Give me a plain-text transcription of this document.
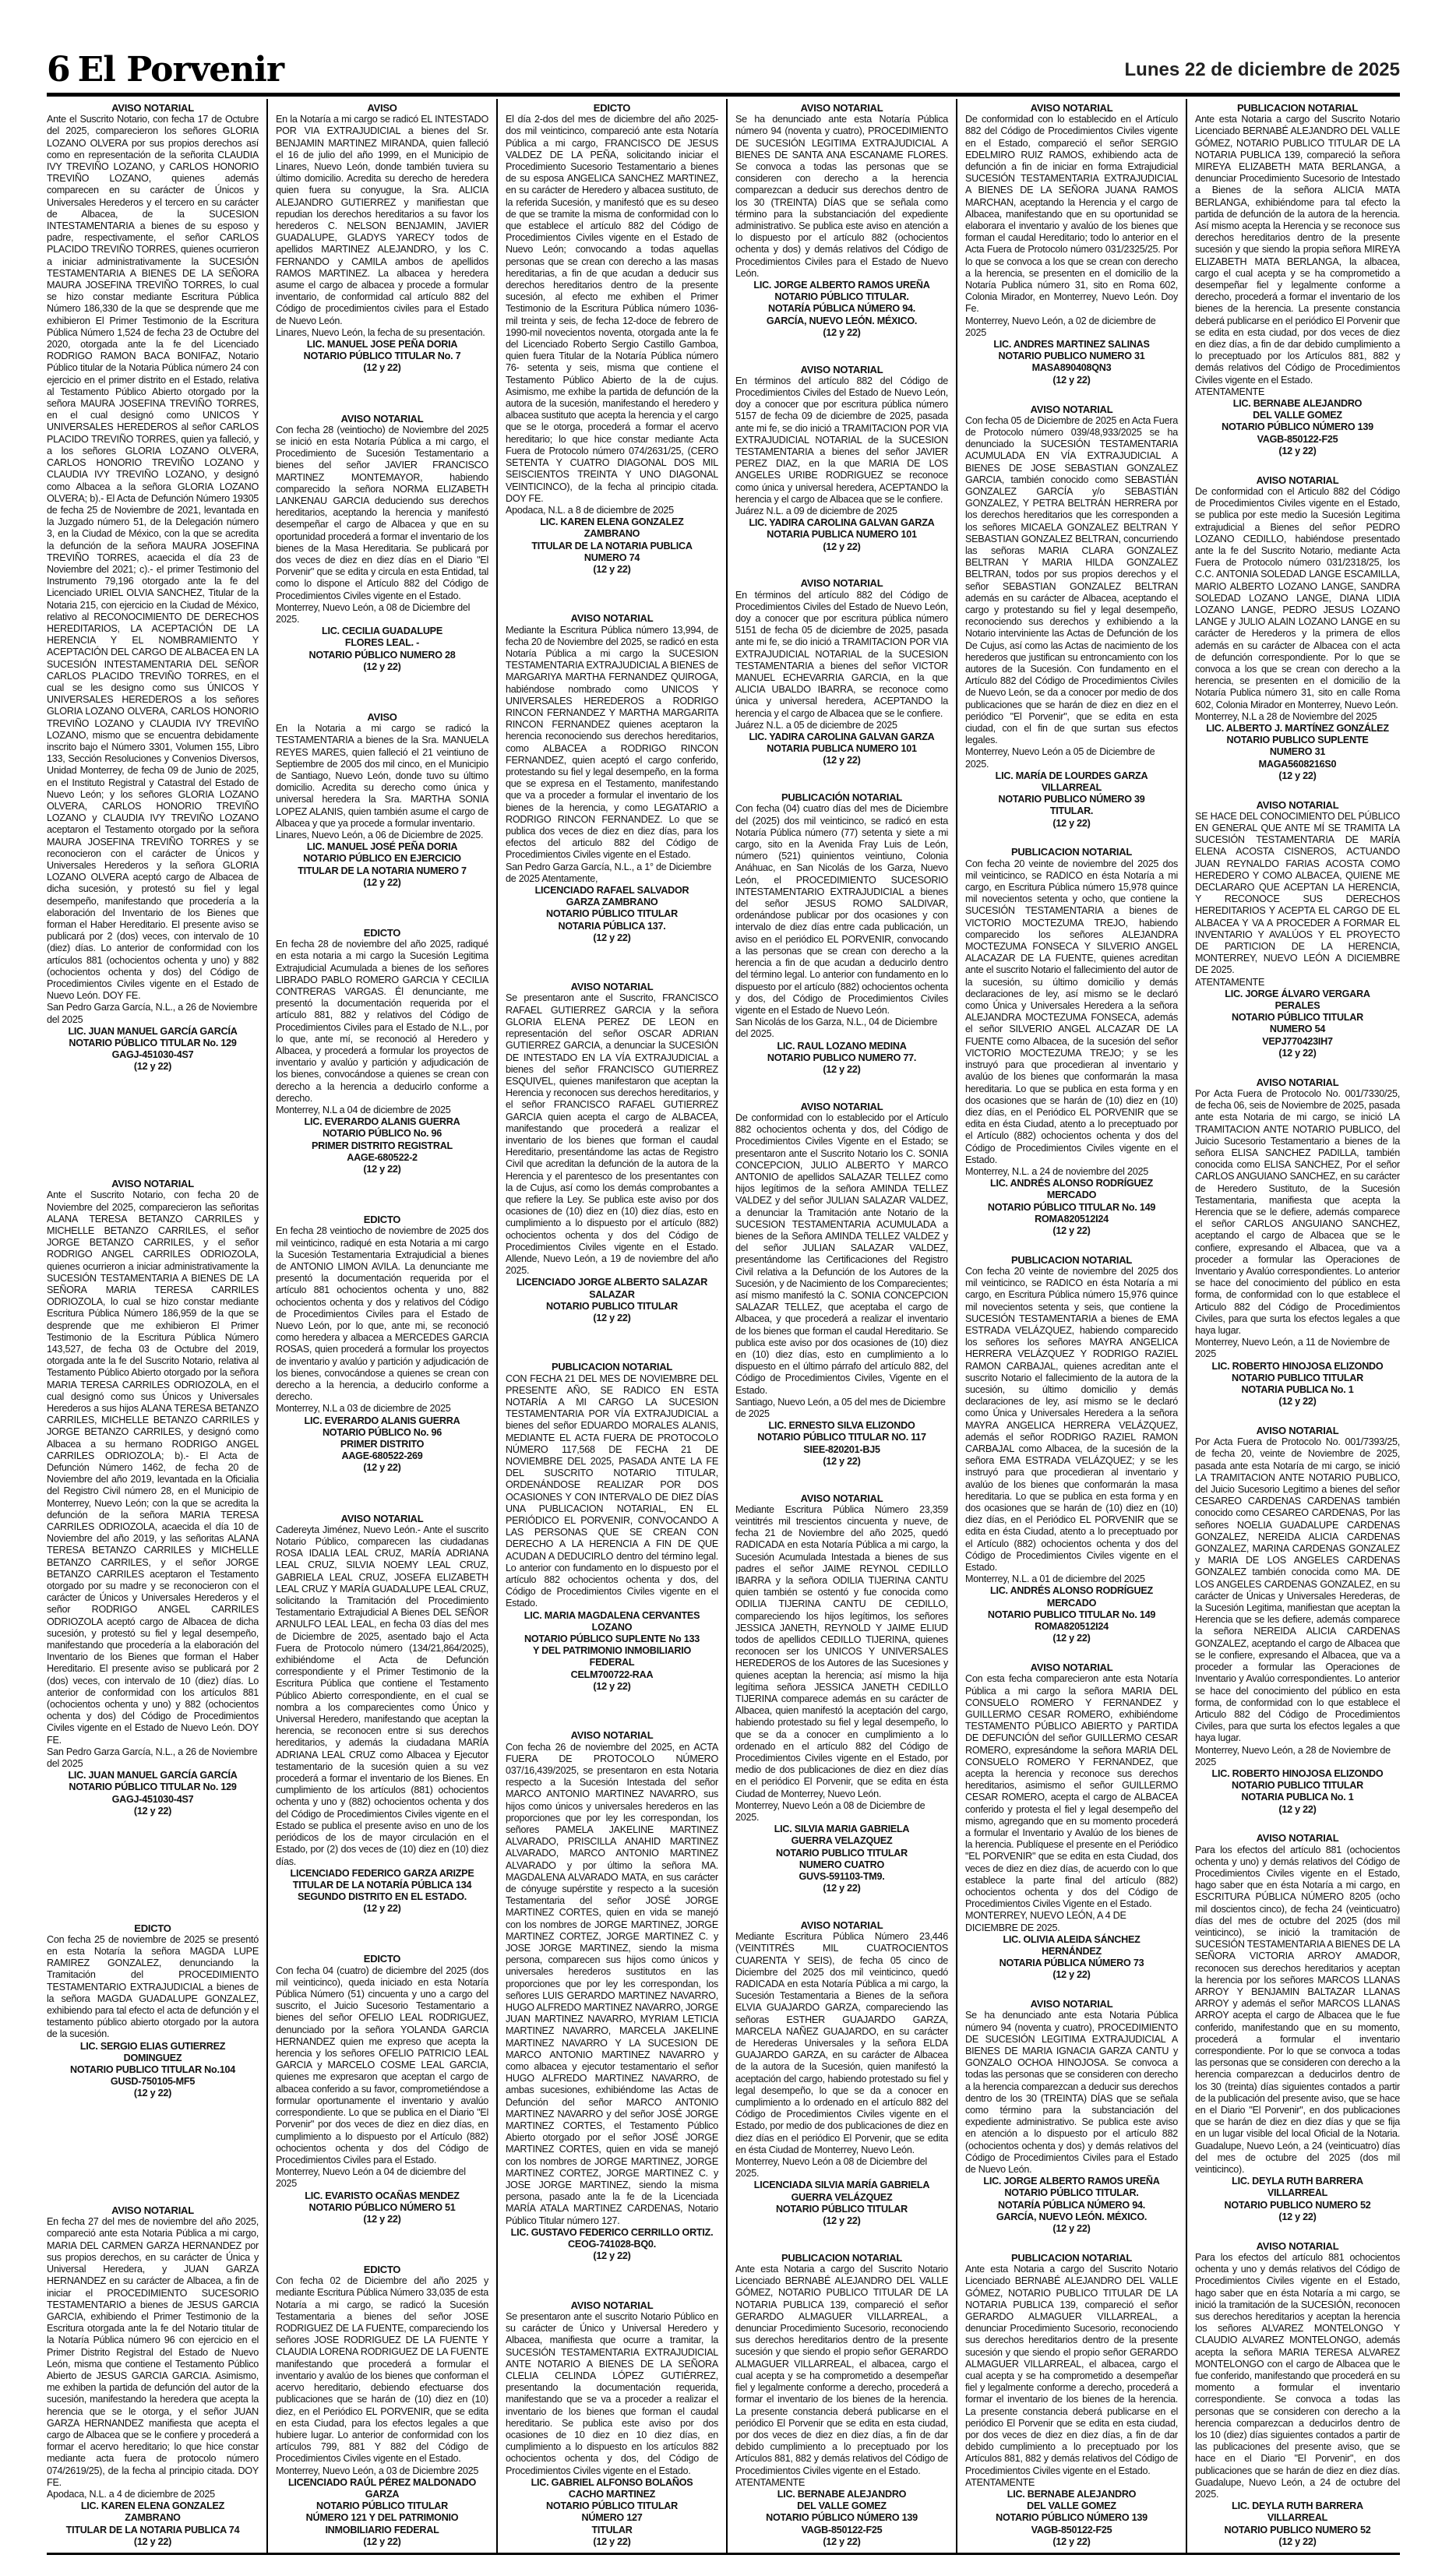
6 El Porvenir	Lunes 22 de diciembre de 2025
AVISO NOTARIAL

Ante el Suscrito Notario, con fecha 17 de Octubre del 2025, comparecieron los señores GLORIA LOZANO OLVERA por sus propios derechos así como en representación de la señorita CLAUDIA IVY TREVIÑO LOZANO, y CARLOS HONORIO TREVIÑO LOZANO, quienes además comparecen en su carácter de Únicos y Universales Herederos y el tercero en su carácter de Albacea, de la SUCESION INTESTAMENTARIA a bienes de su esposo y padre, respectivamente, el señor CARLOS PLACIDO TREVIÑO TORRES, quienes ocurrieron a iniciar administrativamente la SUCESIÓN TESTAMENTARIA A BIENES DE LA SEÑORA MAURA JOSEFINA TREVIÑO TORRES, lo cual se hizo constar mediante Escritura Pública Número 186,330 de la que se desprende que me exhibieron El Primer Testimonio de la Escritura Pública Número 1,524 de fecha 23 de Octubre del 2020, otorgada ante la fe del Licenciado RODRIGO RAMON BACA BONIFAZ, Notario Público titular de la Notaria Pública número 24 con ejercicio en el primer distrito en el Estado, relativa al Testamento Público Abierto otorgado por la señora MAURA JOSEFINA TREVIÑO TORRES, en el cual designó como UNICOS Y UNIVERSALES HEREDEROS al señor CARLOS PLACIDO TREVIÑO TORRES, quien ya falleció, y a los señores GLORIA LOZANO OLVERA, CARLOS HONORIO TREVIÑO LOZANO y CLAUDIA IVY TREVIÑO LOZANO, y designó como Albacea a la señora GLORIA LOZANO OLVERA; b).- El Acta de Defunción Número 19305 de fecha 25 de Noviembre de 2021, levantada en la Juzgado número 51, de la Delegación número 3, en la Ciudad de México, con la que se acredita la defunción de la señora MAURA JOSEFINA TREVIÑO TORRES, acaecida el día 23 de Noviembre del 2021; c).- el primer Testimonio del Instrumento 79,196 otorgado ante la fe del Licenciado URIEL OLVIA SANCHEZ, Titular de la Notaria 215, con ejercicio en la Ciudad de México, relativo al RECONOCIMIENTO DE DERECHOS HEREDITARIOS, LA ACEPTACIÓN DE LA HERENCIA Y EL NOMBRAMIENTO Y ACEPTACIÓN DEL CARGO DE ALBACEA EN LA SUCESIÓN INTESTAMENTARIA DEL SEÑOR CARLOS PLACIDO TREVIÑO TORRES, en el cual se les designo como sus ÚNICOS Y UNIVERSALES HEREDEROS a los señores GLORIA LOZANO OLVERA, CARLOS HONORIO TREVIÑO LOZANO y CLAUDIA IVY TREVIÑO LOZANO, mismo que se encuentra debidamente inscrito bajo el Número 3301, Volumen 155, Libro 133, Sección Resoluciones y Convenios Diversos, Unidad Monterrey, de fecha 09 de Junio de 2025, en el Instituto Registral y Catastral del Estado de Nuevo León; y los señores GLORIA LOZANO OLVERA, CARLOS HONORIO TREVIÑO LOZANO y CLAUDIA IVY TREVIÑO LOZANO aceptaron el Testamento otorgado por la señora MAURA JOSEFINA TREVIÑO TORRES y se reconocieron con el carácter de Únicos y Universales Herederos y la señora GLORIA LOZANO OLVERA aceptó cargo de Albacea de dicha sucesión, y protestó su fiel y legal desempeño, manifestando que procedería a la elaboración del Inventario de los Bienes que forman el Haber Hereditario. El presente aviso se publicará por 2 (dos) veces, con intervalo de 10 (diez) días. Lo anterior de conformidad con los artículos 881 (ochocientos ochenta y uno) y 882 (ochocientos ochenta y dos) del Código de Procedimientos Civiles vigente en el Estado de Nuevo León. DOY FE.

San Pedro Garza García, N.L., a 26 de Noviembre del 2025

LIC. JUAN MANUEL GARCÍA GARCÍA
NOTARIO PÚBLICO TITULAR No. 129
GAGJ-451030-4S7
(12 y 22)
AVISO NOTARIAL

Ante el Suscrito Notario, con fecha 20 de Noviembre del 2025, comparecieron las señoritas ALANA TERESA BETANZO CARRILES y MICHELLE BETANZO CARRILES, el señor JORGE BETANZO CARRILES, y el señor RODRIGO ANGEL CARRILES ODRIOZOLA, quienes ocurrieron a iniciar administrativamente la SUCESIÓN TESTAMENTARIA A BIENES DE LA SEÑORA MARIA TERESA CARRILES ODRIOZOLA, lo cual se hizo constar mediante Escritura Pública Número 186,959 de la que se desprende que me exhibieron El Primer Testimonio de la Escritura Pública Número 143,527, de fecha 03 de Octubre del 2019, otorgada ante la fe del Suscrito Notario, relativa al Testamento Público Abierto otorgado por la señora MARIA TERESA CARRILES ODRIOZOLA, en el cual designó como sus Únicos y Universales Herederos a sus hijos ALANA TERESA BETANZO CARRILES, MICHELLE BETANZO CARRILES y JORGE BETANZO CARRILES, y designó como Albacea a su hermano RODRIGO ANGEL CARRILES ODRIOZOLA; b).- El Acta de Defunción Número 1462, de fecha 20 de Noviembre del año 2019, levantada en la Oficialia del Registro Civil número 28, en el Municipio de Monterrey, Nuevo León; con la que se acredita la defunción de la señora MARIA TERESA CARRILES ODRIOZOLA, acaecida el día 10 de Noviembre del año 2019, y las señoritas ALANA TERESA BETANZO CARRILES y MICHELLE BETANZO CARRILES, y el señor JORGE BETANZO CARRILES aceptaron el Testamento otorgado por su madre y se reconocieron con el carácter de Únicos y Universales Herederos y el señor RODRIGO ANGEL CARRILES ODRIOZOLA aceptó cargo de Albacea de dicha sucesión, y protestó su fiel y legal desempeño, manifestando que procedería a la elaboración del Inventario de los Bienes que forman el Haber Hereditario. El presente aviso se publicará por 2 (dos) veces, con intervalo de 10 (diez) días. Lo anterior de conformidad con los artículos 881 (ochocientos ochenta y uno) y 882 (ochocientos ochenta y dos) del Código de Procedimientos Civiles vigente en el Estado de Nuevo León. DOY FE.

San Pedro Garza García, N.L., a 26 de Noviembre del 2025

LIC. JUAN MANUEL GARCÍA GARCÍA
NOTARIO PÚBLICO TITULAR No. 129
GAGJ-451030-4S7
(12 y 22)
EDICTO

Con fecha 25 de noviembre de 2025 se presentó en esta Notaría la señora MAGDA LUPE RAMIREZ GONZALEZ, denunciando la Tramitación del PROCEDIMIENTO TESTAMENTARIO EXTRAJUDICIAL a bienes de la señora MAGDA GUADALUPE GONZALEZ, exhibiendo para tal efecto el acta de defunción y el testamento público abierto otorgado por la autora de la sucesión.

LIC. SERGIO ELIAS GUTIERREZ
DOMINGUEZ
NOTARIO PUBLICO TITULAR No.104
GUSD-750105-MF5
(12 y 22)
AVISO NOTARIAL

En fecha 27 del mes de noviembre del año 2025, compareció ante esta Notaria Pública a mi cargo, MARIA DEL CARMEN GARZA HERNANDEZ por sus propios derechos, en su carácter de Única y Universal Heredera, y JUAN GARZA HERNANDEZ en su carácter de Albacea, a fin de iniciar el PROCEDIMIENTO SUCESORIO TESTAMENTARIO a bienes de JESUS GARCIA GARCIA, exhibiendo el Primer Testimonio de la Escritura otorgada ante la fe del Notario titular de la Notaría Pública número 96 con ejercicio en el Primer Distrito Registral del Estado de Nuevo León, misma que contiene el Testamento Público Abierto de JESUS GARCIA GARCIA. Asimismo, me exhiben la partida de defunción del autor de la sucesión, manifestando la heredera que acepta la herencia que se le otorga, y el señor JUAN GARZA HERNANDEZ manifiesta que acepta el cargo de Albacea que se le confiere y procederá a formar el acervo hereditario; lo que hice constar mediante acta fuera de protocolo número 074/2619/25), de la fecha al principio citada. DOY FE.

Apodaca, N.L. a 4 de diciembre de 2025

LIC. KAREN ELENA GONZALEZ
ZAMBRANO
TITULAR DE LA NOTARIA PUBLICA 74
(12 y 22)
AVISO

En la Notaría a mi cargo se radicó EL INTESTADO POR VIA EXTRAJUDICIAL a bienes del Sr. BENJAMIN MARTINEZ MIRANDA, quien falleció el 16 de julio del año 1999, en el Municipio de Linares, Nuevo León, donde también tuviera su último domicilio. Acredita su derecho de heredera quien fuera su conyugue, la Sra. ALICIA ALEJANDRO GUTIERREZ y manifiestan que repudian los derechos hereditarios a su favor los herederos C. NELSON BENJAMIN, JAVIER GUADALUPE, GLADYS YARECY todos de apellidos MARTINEZ ALEJANDRO, y los C. FERNANDO y CAMILA ambos de apellidos RAMOS MARTINEZ. La albacea y heredera asume el cargo de albacea y procede a formular inventario, de conformidad cal artículo 882 del Código de procedimientos civiles para el Estado de Nuevo León.

Linares, Nuevo León, la fecha de su presentación.

LIC. MANUEL JOSE PEÑA DORIA
NOTARIO PÚBLICO TITULAR No. 7
(12 y 22)
AVISO NOTARIAL

Con fecha 28 (veintiocho) de Noviembre del 2025 se inició en esta Notaría Pública a mi cargo, el Procedimiento de Sucesión Testamentario a bienes del señor JAVIER FRANCISCO MARTINEZ MONTEMAYOR, habiendo comparecido la señora NORMA ELIZABETH LANKENAU GARCIA deduciendo sus derechos hereditarios, aceptando la herencia y manifestó desempeñar el cargo de Albacea y que en su oportunidad procederá a formar el inventario de los bienes de la Masa Hereditaria. Se publicará por dos veces de diez en diez días en el Diario "El Porvenir" que se edita y circula en esta Entidad, tal como lo dispone el Artículo 882 del Código de Procedimientos Civiles vigente en el Estado.

Monterrey, Nuevo León, a 08 de Diciembre del 2025.

LIC. CECILIA GUADALUPE
FLORES LEAL. -
NOTARIO PÚBLICO NUMERO 28
(12 y 22)
AVISO

En la Notaria a mi cargo se radicó la TESTAMENTARIA a bienes de la Sra. MANUELA REYES MARES, quien falleció el 21 veintiuno de Septiembre de 2005 dos mil cinco, en el Municipio de Santiago, Nuevo León, donde tuvo su último domicilio. Acredita su derecho como única y universal heredera la Sra. MARTHA SONIA LOPEZ ALANIS, quien también asume el cargo de Albacea y que ya procede a formular inventario.

Linares, Nuevo León, a 06 de Diciembre de 2025.

LIC. MANUEL JOSÉ PEÑA DORIA
NOTARIO PÚBLICO EN EJERCICIO
TITULAR DE LA NOTARIA NUMERO 7
(12 y 22)
EDICTO

En fecha 28 de noviembre del año 2025, radiqué en esta notaria a mi cargo la Sucesión Legitima Extrajudicial Acumulada a bienes de los señores LIBRADO PABLO ROMERO GARCIA Y CECILIA CONTRERAS VARGAS. Él denunciante, me presentó la documentación requerida por el artículo 881, 882 y relativos del Código de Procedimientos Civiles para el Estado de N.L., por lo que, ante mí, se reconoció al Heredero y Albacea, y procederá a formular los proyectos de inventario y avalúo y partición y adjudicación de los bienes, convocándose a quienes se crean con derecho a la herencia a deducirlo conforme a derecho.

Monterrey, N.L a 04 de diciembre de 2025

LIC. EVERARDO ALANIS GUERRA
NOTARIO PÚBLICO No. 96
PRIMER DISTRITO REGISTRAL
AAGE-680522-2
(12 y 22)
EDICTO

En fecha 28 veintiocho de noviembre de 2025 dos mil veinticinco, radiqué en esta Notaria a mi cargo la Sucesión Testamentaria Extrajudicial a bienes de ANTONIO LIMON AVILA. La denunciante me presentó la documentación requerida por el artículo 881 ochocientos ochenta y uno, 882 ochocientos ochenta y dos y relativos del Código de Procedimientos Civiles para el Estado de Nuevo León, por lo que, ante mi, se reconoció como heredera y albacea a MERCEDES GARCIA ROSAS, quien procederá a formular los proyectos de inventario y avalúo y partición y adjudicación de los bienes, convocándose a quienes se crean con derecho a la herencia, a deducirlo conforme a derecho.

Monterrey, N.L a 03 de diciembre de 2025

LIC. EVERARDO ALANIS GUERRA
NOTARIO PÚBLICO No. 96
PRIMER DISTRITO
AAGE-680522-269
(12 y 22)
AVISO NOTARIAL

Cadereyta Jiménez, Nuevo León.- Ante el suscrito Notario Público, comparecen las ciudadanas ROSA IDALIA LEAL CRUZ, MARÍA ADRIANA LEAL CRUZ, SILVIA NOEMY LEAL CRUZ, GABRIELA LEAL CRUZ, JOSEFA ELIZABETH LEAL CRUZ Y MARÍA GUADALUPE LEAL CRUZ, solicitando la Tramitación del Procedimiento Testamentario Extrajudicial A Bienes DEL SEÑOR ARNULFO LEAL LEAL, en fecha 03 días del mes de Diciembre de 2025, asentado bajo el Acta Fuera de Protocolo número (134/21,864/2025), exhibiéndome el Acta de Defunción correspondiente y el Primer Testimonio de la Escritura Pública que contiene el Testamento Público Abierto correspondiente, en el cual se nombra a los comparecientes como Único y Universal Heredero, manifestando que aceptan la herencia, se reconocen entre si sus derechos hereditarios, y además la ciudadana MARÍA ADRIANA LEAL CRUZ como Albacea y Ejecutor testamentario de la sucesión quien a su vez procederá a formar el inventario de los Bienes. En cumplimiento de los artículos (881) ochocientos ochenta y uno y (882) ochocientos ochenta y dos del Código de Procedimientos Civiles vigente en el Estado se publica el presente aviso en uno de los periódicos de los de mayor circulación en el Estado, por (2) dos veces de (10) diez en (10) diez días.

LICENCIADO FEDERICO GARZA ARIZPE
TITULAR DE LA NOTARÍA PÚBLICA 134
SEGUNDO DISTRITO EN EL ESTADO.
(12 y 22)
EDICTO

Con fecha 04 (cuatro) de diciembre del 2025 (dos mil veinticinco), queda iniciado en esta Notaría Pública Número (51) cincuenta y uno a cargo del suscrito, el Juicio Sucesorio Testamentario a bienes del señor OFELIO LEAL RODRIGUEZ, denunciado por la señora YOLANDA GARCIA HERNANDEZ quien me expreso que acepta la herencia y los señores OFELIO PATRICIO LEAL GARCIA y MARCELO COSME LEAL GARCIA, quienes me expresaron que aceptan el cargo de albacea conferido a su favor, comprometiéndose a formular oportunamente el inventario y avalúo correspondiente. Lo que se publica en el Diario "El Porvenir" por dos veces de diez en diez días, en cumplimiento a lo dispuesto por el Artículo (882) ochocientos ochenta y dos del Código de Procedimientos Civiles para el Estado.

Monterrey, Nuevo León a 04 de diciembre del 2025

LIC. EVARISTO OCAÑAS MENDEZ
NOTARIO PÚBLICO NÚMERO 51
(12 y 22)
EDICTO

Con fecha 02 de Diciembre del año 2025 y mediante Escritura Pública Número 33,035 de esta Notaría a mi cargo, se radicó la Sucesión Testamentaria a bienes del señor JOSE RODRIGUEZ DE LA FUENTE, compareciendo los señores JOSE RODRIGUEZ DE LA FUENTE Y CLAUDIA LORENA RODRIGUEZ DE LA FUENTE manifestando que procederá a formular el inventario y avalúo de los bienes que conforman el acervo hereditario, debiendo efectuarse dos publicaciones que se harán de (10) diez en (10) diez, en el Periódico EL PORVENIR, que se edita en esta Ciudad, para los efectos legales a que hubiere lugar. Lo anterior de conformidad con los artículos 799, 881 Y 882 del Código de Procedimientos Civiles vigente en el Estado.

Monterrey, Nuevo León, a 03 de Diciembre 2025

LICENCIADO RAÚL PÉREZ MALDONADO
GARZA
NOTARIO PÚBLICO TITULAR
NÚMERO 121 Y DEL PATRIMONIO
INMOBILIARIO FEDERAL
(12 y 22)
EDICTO

El día 2-dos del mes de diciembre del año 2025-dos mil veinticinco, compareció ante esta Notaría Pública a mi cargo, FRANCISCO DE JESUS VALDEZ DE LA PEÑA, solicitando iniciar el Procedimiento Sucesorio Testamentario a bienes de su esposa ANGELICA SANCHEZ MARTINEZ, en su carácter de Heredero y albacea sustituto, de la referida Sucesión, y manifestó que es su deseo de que se tramite la misma de conformidad con lo que establece el artículo 882 del Código de Procedimientos Civiles vigente en el Estado de Nuevo León; convocando a todas aquellas personas que se crean con derecho a las masas hereditarias, a fin de que acudan a deducir sus derechos hereditarios dentro de la presente sucesión, al efecto me exhiben el Primer Testimonio de la Escritura Pública número 1036-mil treinta y seis, de fecha 12-doce de febrero de 1990-mil novecientos noventa, otorgada ante la fe del Licenciado Roberto Sergio Castillo Gamboa, quien fuera Titular de la Notaría Pública número 76- setenta y seis, misma que contiene el Testamento Público Abierto de la de cujus. Asimismo, me exhibe la partida de defunción de la autora de la sucesión, manifestando el heredero y albacea sustituto que acepta la herencia y el cargo que se le otorga, procederá a formar el acervo hereditario; lo que hice constar mediante Acta Fuera de Protocolo número 074/2631/25, (CERO SETENTA Y CUATRO DIAGONAL DOS MIL SEISCIENTOS TREINTA Y UNO DIAGONAL VEINTICINCO), de la fecha al principio citada. DOY FE.

Apodaca, N.L. a 8 de diciembre de 2025

LIC. KAREN ELENA GONZALEZ
ZAMBRANO
TITULAR DE LA NOTARIA PUBLICA
NUMERO 74
(12 y 22)
AVISO NOTARIAL

Mediante la Escritura Pública número 13,994, de fecha 20 de Noviembre del 2025, se radicó en esta Notaría Pública a mi cargo la SUCESION TESTAMENTARIA EXTRAJUDICIAL A BIENES de MARGARIYA MARTHA FERNANDEZ QUIROGA, habiéndose nombrado como UNICOS Y UNIVERSALES HEREDEROS a RODRIGO RINCON FERNANDEZ Y MARTHA MARGARITA RINCON FERNANDEZ quienes aceptaron la herencia reconociendo sus derechos hereditarios, como ALBACEA a RODRIGO RINCON FERNANDEZ, quien aceptó el cargo conferido, protestando su fiel y legal desempeño, en la forma que se expresa en el Testamento, manifestando que va a proceder a formular el inventario de los bienes de la herencia, y como LEGATARIO a RODRIGO RINCON FERNANDEZ. Lo que se publica dos veces de diez en diez días, para los efectos del articulo 882 del Código de Procedimientos Civiles vigente en el Estado.

San Pedro Garza García, N.L., a 1° de Diciembre de 2025 Atentamente,

LICENCIADO RAFAEL SALVADOR
GARZA ZAMBRANO
NOTARIO PÚBLICO TITULAR
NOTARIA PÚBLICA 137.
(12 y 22)
AVISO NOTARIAL

Se presentaron ante el Suscrito, FRANCISCO RAFAEL GUTIERREZ GARCIA y la señora GLORIA ELENA PEREZ DE LEON en representación del señor OSCAR ADRIAN GUTIERREZ GARCIA, a denunciar la SUCESIÓN DE INTESTADO EN LA VÍA EXTRAJUDICIAL a bienes del señor FRANCISCO GUTIERREZ ESQUIVEL, quienes manifestaron que aceptan la Herencia y reconocen sus derechos hereditarios, y el señor FRANCISCO RAFAEL GUTIERREZ GARCIA quien acepta el cargo de ALBACEA, manifestando que procederá a realizar el inventario de los bienes que forman el caudal Hereditario, presentándome las actas de Registro Civil que acreditan la defunción de la autora de la Herencia y el parentesco de los presentantes con la de Cujus, así como los demás comprobantes a que refiere la Ley. Se publica este aviso por dos ocasiones de (10) diez en (10) diez días, esto en cumplimiento a lo dispuesto por el artículo (882) ochocientos ochenta y dos del Código de Procedimientos Civiles vigente en el Estado. Allende, Nuevo León, a 19 de noviembre del año 2025.

LICENCIADO JORGE ALBERTO SALAZAR
SALAZAR
NOTARIO PUBLICO TITULAR
(12 y 22)
PUBLICACION NOTARIAL

CON FECHA 21 DEL MES DE NOVIEMBRE DEL PRESENTE AÑO, SE RADICO EN ESTA NOTARÍA A MI CARGO LA SUCESION TESTAMENTARIA POR VÍA EXTRAJUDICIAL a bienes del señor EDUARDO MORALES ALANIS, MEDIANTE EL ACTA FUERA DE PROTOCOLO NÚMERO 117,568 DE FECHA 21 DE NOVIEMBRE DEL 2025, PASADA ANTE LA FE DEL SUSCRITO NOTARIO TITULAR, ORDENÁNDOSE REALIZAR POR DOS OCASIONES Y CON INTERVALO DE DIEZ DÍAS UNA PUBLICACION NOTARIAL, EN EL PERIÓDICO EL PORVENIR, CONVOCANDO A LAS PERSONAS QUE SE CREAN CON DERECHO A LA HERENCIA A FIN DE QUE ACUDAN A DEDUCIRLO dentro del término legal. Lo anterior con fundamento en lo dispuesto por el artículo 882 ochocientos ochenta y dos, del Código de Procedimientos Civiles vigente en el Estado.

LIC. MARIA MAGDALENA CERVANTES
LOZANO
NOTARIO PÚBLICO SUPLENTE No 133
Y DEL PATRIMONIO INMOBILIARIO
FEDERAL
CELM700722-RAA
(12 y 22)
AVISO NOTARIAL

Con fecha 26 de noviembre del 2025, en ACTA FUERA DE PROTOCOLO NÚMERO 037/16,439/2025, se presentaron en esta Notaria respecto a la Sucesión Intestada del señor MARCO ANTONIO MARTINEZ NAVARRO, sus hijos como únicos y universales herederos en las proporciones que por ley les correspondan, los señores PAMELA JAKELINE MARTINEZ ALVARADO, PRISCILLA ANAHID MARTINEZ ALVARADO, MARCO ANTONIO MARTINEZ ALVARADO y por último la señora MA. MAGDALENA ALVARADO MATA, en sus carácter de cónyuge supérstite y respecto a la sucesión Testamentaria del señor JOSÉ JORGE MARTINEZ CORTES, quien en vida se manejó con los nombres de JORGE MARTINEZ, JORGE MARTINEZ CORTEZ, JORGE MARTINEZ C. y JOSE JORGE MARTINEZ, siendo la misma persona, comparecen sus hijos como únicos y universales herederos sustitutos en las proporciones que por ley les correspondan, los señores LUIS GERARDO MARTINEZ NAVARRO, HUGO ALFREDO MARTINEZ NAVARRO, JORGE JUAN MARTINEZ NAVARRO, MYRIAM LETICIA MARTINEZ NAVARRO, MARCELA JAKELINE MARTINEZ NAVARRO Y LA SUCESION DE MARCO ANTONIO MARTINEZ NAVARRO y como albacea y ejecutor testamentario el señor HUGO ALFREDO MARTINEZ NAVARRO, de ambas sucesiones, exhibiéndome las Actas de Defunción del señor MARCO ANTONIO MARTINEZ NAVARRO y del señor JOSÉ JORGE MARTINEZ CORTES, el Testamento Público Abierto otorgado por el señor JOSÉ JORGE MARTINEZ CORTES, quien en vida se manejó con los nombres de JORGE MARTINEZ, JORGE MARTINEZ CORTEZ, JORGE MARTINEZ C. y JOSE JORGE MARTINEZ, siendo la misma persona, pasado ante la fe de la Licenciada MARÍA ATALA MARTINEZ CARDENAS, Notario Público Titular número 127.

LIC. GUSTAVO FEDERICO CERRILLO ORTIZ.
CEOG-741028-BQ0.
(12 y 22)
AVISO NOTARIAL

Se presentaron ante el suscrito Notario Público en su carácter de Único y Universal Heredero y Albacea, manifiesta que ocurre a tramitar, la SUCESIÓN TESTAMENTARIA EXTRAJUDICIAL ANTE NOTARIO A BIENES DE LA SEÑORA CLELIA CELINDA LÓPEZ GUTIÉRREZ, presentando la documentación requerida, manifestando que se va a proceder a realizar el inventario de los bienes que forman el caudal hereditario. Se publica este aviso por dos ocasiones de 10 diez en 10 diez días, en cumplimiento a lo dispuesto en los artículos 882 ochocientos ochenta y dos, del Código de Procedimientos Civiles vigente en el Estado.

LIC. GABRIEL ALFONSO BOLAÑOS
CACHO MARTINEZ
NOTARIO PÚBLICO TITULAR
NÚMERO 127
TITULAR
(12 y 22)
AVISO NOTARIAL

Se ha denunciado ante esta Notaría Pública número 94 (noventa y cuatro), PROCEDIMIENTO DE SUCESIÓN LEGITIMA EXTRAJUDICIAL A BIENES DE SANTA ANA ESCANAME FLORES. Se convoca a todas las personas que se consideren con derecho a la herencia comparezcan a deducir sus derechos dentro de los 30 (TREINTA) DÍAS que se señala como término para la substanciación del expediente administrativo. Se publica este aviso en atención a lo dispuesto por el artículo 882 (ochocientos ochenta y dos) y demás relativos del Código de Procedimientos Civiles para el Estado de Nuevo León.

LIC. JORGE ALBERTO RAMOS UREÑA
NOTARIO PÚBLICO TITULAR.
NOTARÍA PÚBLICA NÚMERO 94.
GARCÍA, NUEVO LEÓN. MÉXICO.
(12 y 22)
AVISO NOTARIAL

En términos del artículo 882 del Código de Procedimientos Civiles del Estado de Nuevo León, doy a conocer que por escritura pública número 5157 de fecha 09 de diciembre de 2025, pasada ante mi fe, se dio inició a TRAMITACION POR VIA EXTRAJUDICIAL NOTARIAL de la SUCESION TESTAMENTARIA a bienes del señor JAVIER PEREZ DIAZ, en la que MARIA DE LOS ANGELES URIBE RODRIGUEZ se reconoce como única y universal heredera, ACEPTANDO la herencia y el cargo de Albacea que se le confiere.

Juárez N.L. a 09 de diciembre de 2025

LIC. YADIRA CAROLINA GALVAN GARZA
NOTARIA PUBLICA NUMERO 101
(12 y 22)
AVISO NOTARIAL

En términos del artículo 882 del Código de Procedimientos Civiles del Estado de Nuevo León, doy a conocer que por escritura pública número 5151 de fecha 05 de diciembre de 2025, pasada ante mi fe, se dio inició a TRAMITACION POR VIA EXTRAJUDICIAL NOTARIAL de la SUCESION TESTAMENTARIA a bienes del señor VICTOR MANUEL ECHEVARRIA GARCIA, en la que ALICIA UBALDO IBARRA, se reconoce como única y universal heredera, ACEPTANDO la herencia y el cargo de Albacea que se le confiere.

Juárez N.L. a 05 de diciembre de 2025

LIC. YADIRA CAROLINA GALVAN GARZA
NOTARIA PUBLICA NUMERO 101
(12 y 22)
PUBLICACIÓN NOTARIAL

Con fecha (04) cuatro días del mes de Diciembre del (2025) dos mil veinticinco, se radicó en esta Notaría Pública número (77) setenta y siete a mi cargo, sito en la Avenida Fray Luis de León, número (521) quinientos veintiuno, Colonia Anáhuac, en San Nicolás de los Garza, Nuevo León, el PROCEDIMIENTO SUCESORIO INTESTAMENTARIO EXTRAJUDICIAL a bienes del señor JESUS ROMO SALDIVAR, ordenándose publicar por dos ocasiones y con intervalo de diez días entre cada publicación, un aviso en el periódico EL PORVENIR, convocando a las personas que se crean con derecho a la herencia a fin de que acudan a deducirlo dentro del término legal. Lo anterior con fundamento en lo dispuesto por el artículo (882) ochocientos ochenta y dos, del Código de Procedimientos Civiles vigente en el Estado de Nuevo León.

San Nicolás de los Garza, N.L., 04 de Diciembre del 2025.

LIC. RAUL LOZANO MEDINA
NOTARIO PUBLICO NUMERO 77.
(12 y 22)
AVISO NOTARIAL

De conformidad con lo establecido por el Artículo 882 ochocientos ochenta y dos, del Código de Procedimientos Civiles Vigente en el Estado; se presentaron ante el Suscrito Notario los C. SONIA CONCEPCION, JULIO ALBERTO Y MARCO ANTONIO de apellidos SALAZAR TELLEZ como hijos legítimos de la señora AMINDA TELLEZ VALDEZ y del señor JULIAN SALAZAR VALDEZ, a denunciar la Tramitación ante Notario de la SUCESION TESTAMENTARIA ACUMULADA a bienes de la Señora AMINDA TELLEZ VALDEZ y del señor JULIAN SALAZAR VALDEZ, presentándome las Certificaciones del Registro Civil relativa a la Defunción de los Autores de la Sucesión, y de Nacimiento de los Comparecientes; así mismo manifestó la C. SONIA CONCEPCION SALAZAR TELLEZ, que aceptaba el cargo de Albacea, y que procederá a realizar el inventario de los bienes que forman el caudal Hereditario. Se publica este aviso por dos ocasiones de (10) diez en (10) diez días, esto en cumplimiento a lo dispuesto en el último párrafo del artículo 882, del Código de Procedimientos Civiles, Vigente en el Estado.

Santiago, Nuevo León, a 05 del mes de Diciembre de 2025

LIC. ERNESTO SILVA ELIZONDO
NOTARIO PÚBLICO TITULAR NO. 117
SIEE-820201-BJ5
(12 y 22)
AVISO NOTARIAL

Mediante Escritura Pública Número 23,359 veintitrés mil trescientos cincuenta y nueve, de fecha 21 de Noviembre del año 2025, quedó RADICADA en esta Notaría Pública a mi cargo, la Sucesión Acumulada Intestada a bienes de sus padres el señor JAIME REYNOL CEDILLO IBARRA y la señora ODILIA TIJERINA CANTU quien también se ostentó y fue conocida como ODILIA TIJERINA CANTU DE CEDILLO, compareciendo los hijos legítimos, los señores JESSICA JANETH, REYNOLD Y JAIME ELIUD todos de apellidos CEDILLO TIJERINA, quienes reconocen ser los UNICOS Y UNIVERSALES HEREDEROS de los Autores de las Sucesiones y quienes aceptan la herencia; así mismo la hija legítima señora JESSICA JANETH CEDILLO TIJERINA comparece además en su carácter de Albacea, quien manifestó la aceptación del cargo, habiendo protestado su fiel y legal desempeño, lo que se da a conocer en cumplimiento a lo ordenado en el artículo 882 del Código de Procedimientos Civiles vigente en el Estado, por medio de dos publicaciones de diez en diez días en el periódico El Porvenir, que se edita en ésta Ciudad de Monterrey, Nuevo León.

Monterrey, Nuevo León a 08 de Diciembre de 2025.

LIC. SILVIA MARIA GABRIELA
GUERRA VELAZQUEZ
NOTARIO PUBLICO TITULAR
NUMERO CUATRO
GUVS-591103-TM9.
(12 y 22)
AVISO NOTARIAL

Mediante Escritura Pública Número 23,446 (VEINTITRÉS MIL CUATROCIENTOS CUARENTA Y SEIS), de fecha 05 cinco de Diciembre del 2025 dos mil veinticinco, quedó RADICADA en esta Notaría Pública a mi cargo, la Sucesión Testamentaria a Bienes de la señora ELVIA GUAJARDO GARZA, compareciendo las señoras ESTHER GUAJARDO GARZA, MARCELA NAÑEZ GUAJARDO, en su carácter de Herederas Universales y la señora ELDA GUAJARDO GARZA, en su carácter de Albacea de la autora de la Sucesión, quien manifestó la aceptación del cargo, habiendo protestado su fiel y legal desempeño, lo que se da a conocer en cumplimiento a lo ordenado en el artículo 882 del Código de Procedimientos Civiles vigente en el Estado, por medio de dos publicaciones de diez en diez días en el periódico El Porvenir, que se edita en ésta Ciudad de Monterrey, Nuevo León.

Monterrey, Nuevo León a 08 de Diciembre del 2025.

LICENCIADA SILVIA MARÍA GABRIELA
GUERRA VELÁZQUEZ
NOTARIO PÚBLICO TITULAR
(12 y 22)
PUBLICACION NOTARIAL

Ante esta Notaria a cargo del Suscrito Notario Licenciado BERNABÉ ALEJANDRO DEL VALLE GÓMEZ, NOTARIO PUBLICO TITULAR DE LA NOTARIA PUBLICA 139, compareció el señor GERARDO ALMAGUER VILLARREAL, a denunciar Procedimiento Sucesorio, reconociendo sus derechos hereditarios dentro de la presente sucesión y que siendo el propio señor GERARDO ALMAGUER VILLARREAL, el albacea, cargo el cual acepta y se ha comprometido a desempeñar fiel y legalmente conforme a derecho, procederá a formar el inventario de los bienes de la herencia. La presente constancia deberá publicarse en el periódico El Porvenir que se edita en esta ciudad, por dos veces de diez en diez días, a fin de dar debido cumplimiento a lo preceptuado por los Artículos 881, 882 y demás relativos del Código de Procedimientos Civiles vigente en el Estado.

ATENTAMENTE

LIC. BERNABE ALEJANDRO
DEL VALLE GOMEZ
NOTARIO PÚBLICO NÚMERO 139
VAGB-850122-F25
(12 y 22)
AVISO NOTARIAL

De conformidad con lo establecido en el Artículo 882 del Código de Procedimientos Civiles vigente en el Estado, compareció el señor SERGIO EDELMIRO RUIZ RAMOS, exhibiendo acta de defunción a fin de iniciar en forma Extrajudicial SUCESIÓN TESTAMENTARIA EXTRAJUDICIAL A BIENES DE LA SEÑORA JUANA RAMOS MARCHAN, aceptando la Herencia y el cargo de Albacea, manifestando que en su oportunidad se elaborara el inventario y avalúo de los bienes que forman el caudal Hereditario; todo lo anterior en el Acta Fuera de Protocolo número 031/2325/25. Por lo que se convoca a los que se crean con derecho a la herencia, se presenten en el domicilio de la Notaría Publica número 31, sito en Roma 602, Colonia Mirador, en Monterrey, Nuevo León. Doy Fe.

Monterrey, Nuevo León, a 02 de diciembre de 2025

LIC. ANDRES MARTINEZ SALINAS
NOTARIO PUBLICO NUMERO 31
MASA890408QN3
(12 y 22)
AVISO NOTARIAL

Con fecha 05 de Diciembre de 2025 en Acta Fuera de Protocolo número 039/48,933/2025 se ha denunciado la SUCESIÓN TESTAMENTARIA ACUMULADA EN VÍA EXTRAJUDICIAL A BIENES DE JOSE SEBASTIAN GONZALEZ GARCIA, también conocido como SEBASTIÁN GONZALEZ GARCÍA y/o SEBASTIÁN GONZALEZ, Y PETRA BELTRÁN HERRERA por los derechos hereditarios que les corresponden a los señores MICAELA GONZALEZ BELTRAN Y SEBASTIAN GONZALEZ BELTRAN, concurriendo las señoras MARIA CLARA GONZALEZ BELTRAN Y MARIA HILDA GONZALEZ BELTRAN, todos por sus propios derechos y el señor SEBASTIAN GONZALEZ BELTRAN además en su carácter de Albacea, aceptando el cargo y protestando su fiel y legal desempeño, reconociendo sus derechos y exhibiendo a la Notario interviniente las Actas de Defunción de los De Cujus, así como las Actas de nacimiento de los herederos que justifican su entroncamiento con los autores de la Sucesión. Con fundamento en el Artículo 882 del Código de Procedimientos Civiles de Nuevo León, se da a conocer por medio de dos publicaciones que se harán de diez en diez en el periódico "El Porvenir", que se edita en esta ciudad, con el fin de que surtan sus efectos legales.

Monterrey, Nuevo León a 05 de Diciembre de 2025.

LIC. MARÍA DE LOURDES GARZA
VILLARREAL
NOTARIO PUBLICO NÚMERO 39
TITULAR.
(12 y 22)
PUBLICACION NOTARIAL

Con fecha 20 veinte de noviembre del 2025 dos mil veinticinco, se RADICO en ésta Notaría a mi cargo, en Escritura Pública número 15,978 quince mil novecientos setenta y ocho, que contiene la SUCESIÓN TESTAMENTARIA a bienes de VICTORIO MOCTEZUMA TREJO, habiendo comparecido los señores ALEJANDRA MOCTEZUMA FONSECA Y SILVERIO ANGEL ALACAZAR DE LA FUENTE, quienes acreditan ante el suscrito Notario el fallecimiento del autor de la sucesión, su último domicilio y demás declaraciones de ley, así mismo se le declaró como Única y Universales Heredera a la señora ALEJANDRA MOCTEZUMA FONSECA, además el señor SILVERIO ANGEL ALCAZAR DE LA FUENTE como Albacea, de la sucesión del señor VICTORIO MOCTEZUMA TREJO; y se les instruyó para que procedieran al inventario y avalúo de los bienes que conformarán la masa hereditaria. Lo que se publica en esta forma y en dos ocasiones que se harán de (10) diez en (10) diez días, en el Periódico EL PORVENIR que se edita en ésta Ciudad, atento a lo preceptuado por el Artículo (882) ochocientos ochenta y dos del Código de Procedimientos Civiles vigente en el Estado.

Monterrey, N.L. a 24 de noviembre del 2025

LIC. ANDRÉS ALONSO RODRÍGUEZ
MERCADO
NOTARIO PÚBLICO TITULAR No. 149
ROMA820512I24
(12 y 22)
PUBLICACION NOTARIAL

Con fecha 20 veinte de noviembre del 2025 dos mil veinticinco, se RADICO en ésta Notaría a mi cargo, en Escritura Pública número 15,976 quince mil novecientos setenta y seis, que contiene la SUCESIÓN TESTAMENTARIA a bienes de EMA ESTRADA VELÁZQUEZ, habiendo comparecido los señores los señores MAYRA ANGELICA HERRERA VELÁZQUEZ Y RODRIGO RAZIEL RAMON CARBAJAL, quienes acreditan ante el suscrito Notario el fallecimiento de la autora de la sucesión, su último domicilio y demás declaraciones de ley, así mismo se le declaró como Única y Universales Heredera a la señora MAYRA ANGELICA HERRERA VELÁZQUEZ, además el señor RODRIGO RAZIEL RAMON CARBAJAL como Albacea, de la sucesión de la señora EMA ESTRADA VELÁZQUEZ; y se les instruyó para que procedieran al inventario y avalúo de los bienes que conformarán la masa hereditaria. Lo que se publica en esta forma y en dos ocasiones que se harán de (10) diez en (10) diez días, en el Periódico EL PORVENIR que se edita en ésta Ciudad, atento a lo preceptuado por el Artículo (882) ochocientos ochenta y dos del Código de Procedimientos Civiles vigente en el Estado.

Monterrey, N.L. a 01 de diciembre del 2025

LIC. ANDRÉS ALONSO RODRÍGUEZ
MERCADO
NOTARIO PUBLICO TITULAR No. 149
ROMA820512I24
(12 y 22)
AVISO NOTARIAL

Con esta fecha comparecieron ante esta Notaría Pública a mi cargo la señora MARIA DEL CONSUELO ROMERO Y FERNANDEZ y GUILLERMO CESAR ROMERO, exhibiéndome TESTAMENTO PÚBLICO ABIERTO y PARTIDA DE DEFUNCIÓN del señor GUILLERMO CESAR ROMERO, expresándome la señora MARIA DEL CONSUELO ROMERO Y FERNANDEZ, que acepta la herencia y reconoce sus derechos hereditarios, asimismo el señor GUILLERMO CESAR ROMERO, acepta el cargo de ALBACEA conferido y protesta el fiel y legal desempeño del mismo, agregando que en su momento procederá a formular el Inventario y Avalúo de los bienes de la herencia. Publíquese el presente en el Periódico "EL PORVENIR" que se edita en esta Ciudad, dos veces de diez en diez días, de acuerdo con lo que establece la parte final del artículo (882) ochocientos ochenta y dos del Código de Procedimientos Civiles Vigente en el Estado.

MONTERREY, NUEVO LEÓN, A 4 DE DICIEMBRE DE 2025.

LIC. OLIVIA ALEIDA SÁNCHEZ
HERNÁNDEZ
NOTARIA PÚBLICA NÚMERO 73
(12 y 22)
AVISO NOTARIAL

Se ha denunciado ante esta Notaria Pública número 94 (noventa y cuatro), PROCEDIMIENTO DE SUCESIÓN LEGITIMA EXTRAJUDICIAL A BIENES DE MARIA IGNACIA GARZA CANTU y GONZALO OCHOA HINOJOSA. Se convoca a todas las personas que se consideren con derecho a la herencia comparezcan a deducir sus derechos dentro de los 30 (TREINTA) DÍAS que se señala como término para la substanciación del expediente administrativo. Se publica este aviso en atención a lo dispuesto por el artículo 882 (ochocientos ochenta y dos) y demás relativos del Código de Procedimientos Civiles para el Estado de Nuevo León.

LIC. JORGE ALBERTO RAMOS UREÑA
NOTARIO PÚBLICO TITULAR.
NOTARÍA PÚBLICA NÚMERO 94.
GARCÍA, NUEVO LEÓN. MÉXICO.
(12 y 22)
PUBLICACION NOTARIAL

Ante esta Notaria a cargo del Suscrito Notario Licenciado BERNABÉ ALEJANDRO DEL VALLE GÓMEZ, NOTARIO PUBLICO TITULAR DE LA NOTARIA PUBLICA 139, compareció el señor GERARDO ALMAGUER VILLARREAL, a denunciar Procedimiento Sucesorio, reconociendo sus derechos hereditarios dentro de la presente sucesión y que siendo el propio señor GERARDO ALMAGUER VILLARREAL, el albacea, cargo el cual acepta y se ha comprometido a desempeñar fiel y legalmente conforme a derecho, procederá a formar el inventario de los bienes de la herencia. La presente constancia deberá publicarse en el periódico El Porvenir que se edita en esta ciudad, por dos veces de diez en diez días, a fin de dar debido cumplimiento a lo preceptuado por los Artículos 881, 882 y demás relativos del Código de Procedimientos Civiles vigente en el Estado.

ATENTAMENTE

LIC. BERNABE ALEJANDRO
DEL VALLE GOMEZ
NOTARIO PÚBLICO NÚMERO 139
VAGB-850122-F25
(12 y 22)
PUBLICACION NOTARIAL

Ante esta Notaria a cargo del Suscrito Notario Licenciado BERNABÉ ALEJANDRO DEL VALLE GÓMEZ, NOTARIO PUBLICO TITULAR DE LA NOTARIA PUBLICA 139, compareció la señora MIREYA ELIZABETH MATA BERLANGA, a denunciar Procedimiento Sucesorio de Intestado a Bienes de la señora ALICIA MATA BERLANGA, exhibiéndome para tal efecto la partida de defunción de la autora de la herencia. Así mismo acepta la Herencia y se reconoce sus derechos hereditarios dentro de la presente sucesión y que siendo la propia señora MIREYA ELIZABETH MATA BERLANGA, la albacea, cargo el cual acepta y se ha comprometido a desempeñar fiel y legalmente conforme a derecho, procederá a formar el inventario de los bienes de la herencia. La presente constancia deberá publicarse en el periódico El Porvenir que se edita en esta ciudad, por dos veces de diez en diez días, a fin de dar debido cumplimiento a lo preceptuado por los Artículos 881, 882 y demás relativos del Código de Procedimientos Civiles vigente en el Estado.

ATENTAMENTE

LIC. BERNABE ALEJANDRO
DEL VALLE GOMEZ
NOTARIO PÚBLICO NÚMERO 139
VAGB-850122-F25
(12 y 22)
AVISO NOTARIAL

De conformidad con el Articulo 882 del Código de Procedimientos Civiles vigente en el Estado, se publica por este medio la Sucesión Legitima extrajudicial a Bienes del señor PEDRO LOZANO CEDILLO, habiéndose presentado ante la fe del Suscrito Notario, mediante Acta Fuera de Protocolo número 031/2318/25, los C.C. ANTONIA SOLEDAD LANGE ESCAMILLA, MARIO ALBERTO LOZANO LANGE, SANDRA SOLEDAD LOZANO LANGE, DIANA LIDIA LOZANO LANGE, PEDRO JESUS LOZANO LANGE y JULIO ALAIN LOZANO LANGE en su carácter de Herederos y la primera de ellos además en su carácter de Albacea con el acta de defunción correspondiente. Por lo que se convoca a los que se crean con derecho a la herencia, se presenten en el domicilio de la Notaría Publica número 31, sito en calle Roma 602, Colonia Mirador en Monterrey, Nuevo León.

Monterrey, N.L a 28 de Noviembre del 2025

LIC. ALBERTO J. MARTÍNEZ GONZÁLEZ
NOTARIO PUBLICO SUPLENTE
NUMERO 31
MAGA5608216S0
(12 y 22)
AVISO NOTARIAL

SE HACE DEL CONOCIMIENTO DEL PÚBLICO EN GENERAL QUE ANTE MÍ SE TRAMITA LA SUCESIÓN TESTAMENTARIA DE MARÍA ELENA ACOSTA CISNEROS, ACTUANDO JUAN REYNALDO FARIAS ACOSTA COMO HEREDERO Y COMO ALBACEA, QUIENE ME DECLARARO QUE ACEPTAN LA HERENCIA, Y RECONOCE SUS DERECHOS HEREDITARIOS Y ACEPTA EL CARGO DE EL ALBACEA Y VA A PROCEDER A FORMAR EL INVENTARIO Y AVALÚOS Y EL PROYECTO DE PARTICION DE LA HERENCIA, MONTERREY, NUEVO LEÓN A DICIEMBRE DE 2025.

ATENTAMENTE

LIC. JORGE ÁLVARO VERGARA
PERALES
NOTARIO PÚBLICO TITULAR
NUMERO 54
VEPJ770423IH7
(12 y 22)
AVISO NOTARIAL

Por Acta Fuera de Protocolo No. 001/7330/25, de fecha 06, seis de Noviembre de 2025, pasada ante esta Notaria de mi cargo, se inició LA TRAMITACION ANTE NOTARIO PUBLICO, del Juicio Sucesorio Testamentario a bienes de la señora ELISA SANCHEZ PADILLA, también conocida como ELISA SANCHEZ, Por el señor CARLOS ANGUIANO SANCHEZ, en su carácter de Heredero Sustituto, de la Sucesión Testamentaria, manifiesta que acepta la Herencia que se le defiere, además comparece el señor CARLOS ANGUIANO SANCHEZ, aceptando el cargo de Albacea que se le confiere, expresando el Albacea, que va a proceder a formular las Operaciones de Inventario y Avalúo correspondientes. Lo anterior se hace del conocimiento del público en esta forma, de conformidad con lo que establece el Articulo 882 del Código de Procedimientos Civiles, para que surta los efectos legales a que haya lugar.

Monterrey, Nuevo León, a 11 de Noviembre de 2025

LIC. ROBERTO HINOJOSA ELIZONDO
NOTARIO PUBLICO TITULAR
NOTARIA PUBLICA No. 1
(12 y 22)
AVISO NOTARIAL

Por Acta Fuera de Protocolo No. 001/7393/25, de fecha 20, veinte de Noviembre de 2025, pasada ante esta Notaría de mi cargo, se inició LA TRAMITACION ANTE NOTARIO PUBLICO, del Juicio Sucesorio Legitimo a bienes del señor CESAREO CARDENAS CARDENAS también conocido como CESAREO CARDENAS, Por las señores NOELIA GUADALUPE CARDENAS GONZALEZ, NEREIDA ALICIA CARDENAS GONZALEZ, MARINA CARDENAS GONZALEZ y MARIA DE LOS ANGELES CARDENAS GONZALEZ también conocida como MA. DE LOS ANGELES CARDENAS GONZALEZ, en su carácter de Únicas y Universales Herederas, de la Sucesión Legitima, manifiestan que aceptan la Herencia que se les defiere, además comparece la señora NEREIDA ALICIA CARDENAS GONZALEZ, aceptando el cargo de Albacea que se le confiere, expresando el Albacea, que va a proceder a formular las Operaciones de Inventario y Avalúo correspondientes. Lo anterior se hace del conocimiento del público en esta forma, de conformidad con lo que establece el Articulo 882 del Código de Procedimientos Civiles, para que surta los efectos legales a que haya lugar.

Monterrey, Nuevo León, a 28 de Noviembre de 2025

LIC. ROBERTO HINOJOSA ELIZONDO
NOTARIO PUBLICO TITULAR
NOTARIA PUBLICA No. 1
(12 y 22)
AVISO NOTARIAL

Para los efectos del artículo 881 (ochocientos ochenta y uno) y demás relativos del Código de Procedimientos Civiles vigente en el Estado, hago saber que en ésta Notaría a mi cargo, en ESCRITURA PÚBLICA NÚMERO 8205 (ocho mil doscientos cinco), de fecha 24 (veinticuatro) días del mes de octubre del 2025 (dos mil veinticinco), se inició la tramitación de SUCESIÓN TESTAMENTARIA A BIENES DE LA SEÑORA VICTORIA ARROY AMADOR, reconocen sus derechos hereditarios y aceptan la herencia por los señores MARCOS LLANAS ARROY Y BENJAMIN BALTAZAR LLANAS ARROY y además el señor MARCOS LLANAS ARROY acepta el cargo de Albacea que le fue conferido, manifestando que en su momento, procederá a formular el inventario correspondiente. Por lo que se convoca a todas las personas que se consideren con derecho a la herencia comparezcan a deducirlos dentro de los 30 (treinta) días siguientes contados a partir de la publicación del presente aviso, que se hace en el Diario "El Porvenir", en dos publicaciones que se harán de diez en diez días y que se fija en un lugar visible del local Oficial de la Notaria. Guadalupe, Nuevo León, a 24 (veinticuatro) días del mes de octubre del 2025 (dos mil veinticinco).

LIC. DEYLA RUTH BARRERA
VILLARREAL
NOTARIO PUBLICO NUMERO 52
(12 y 22)
AVISO NOTARIAL

Para los efectos del artículo 881 ochocientos ochenta y uno y demás relativos del Código de Procedimientos Civiles vigente en el Estado, hago saber que en ésta Notaría a mi cargo, se inició la tramitación de la SUCESIÓN, reconocen sus derechos hereditarios y aceptan la herencia los señores ALVAREZ MONTELONGO Y CLAUDIO ALVAREZ MONTELONGO, además acepta la señora MARIA TERESA ALVAREZ MONTELONGO con el cargo de Albacea que le fue conferido, manifestando que procederá en su momento a formular el inventario correspondiente. Se convoca a todas las personas que se consideren con derecho a la herencia comparezcan a deducirlos dentro de los 10 (diez) días siguientes contados a partir de las publicaciones del presente aviso, que se hace en el Diario "El Porvenir", en dos publicaciones que se harán de diez en diez días. Guadalupe, Nuevo León, a 24 de octubre del 2025.

LIC. DEYLA RUTH BARRERA
VILLARREAL
NOTARIO PUBLICO NUMERO 52
(12 y 22)
